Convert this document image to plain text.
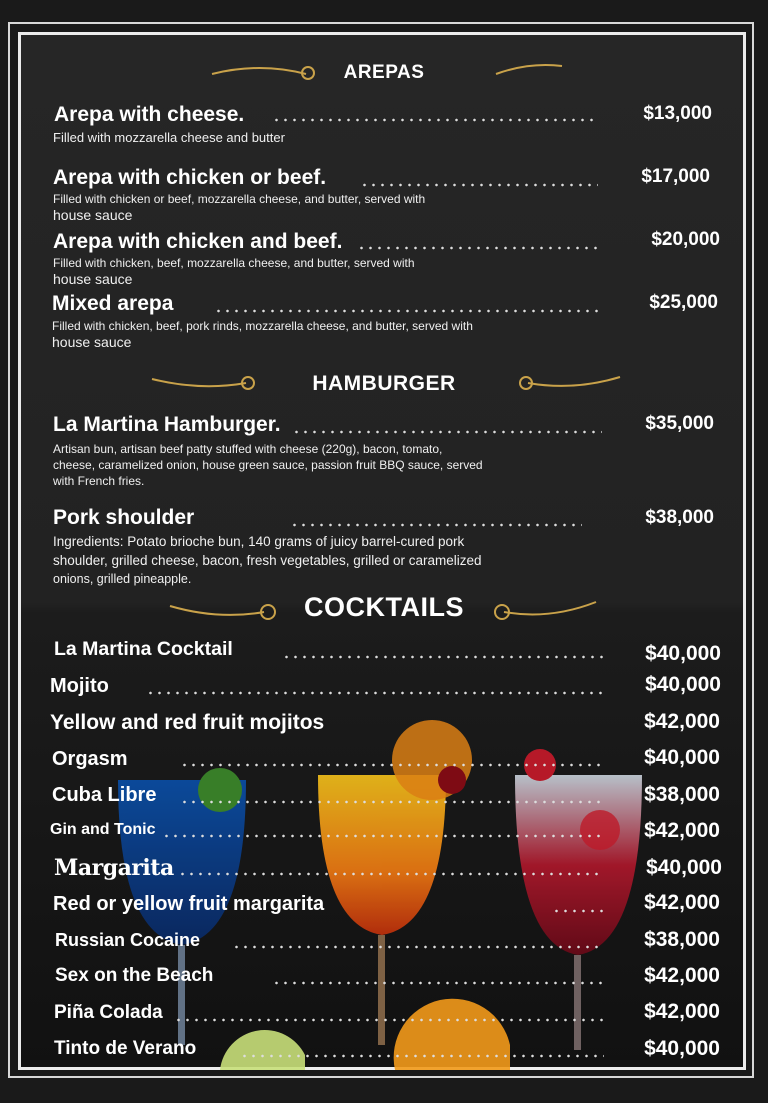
AREPAS
Arepa with cheese.	$13,000
Filled with mozzarella cheese and butter
Arepa with chicken or beef.	$17,000
Filled with chicken or beef, mozzarella cheese, and butter, served with
house sauce
Arepa with chicken and beef.	$20,000
Filled with chicken, beef, mozzarella cheese, and butter, served with
house sauce
Mixed arepa	$25,000
Filled with chicken, beef, pork rinds, mozzarella cheese, and butter, served with
house sauce
HAMBURGER
La Martina Hamburger.	$35,000
Artisan bun, artisan beef patty stuffed with cheese (220g), bacon, tomato,
cheese, caramelized onion, house green sauce, passion fruit BBQ sauce, served
with French fries.
Pork shoulder	$38,000
Ingredients: Potato brioche bun, 140 grams of juicy barrel-cured pork
shoulder, grilled cheese, bacon, fresh vegetables, grilled or caramelized
onions, grilled pineapple.
COCKTAILS
La Martina Cocktail	$40,000
Mojito	$40,000
Yellow and red fruit mojitos	$42,000
Orgasm	$40,000
Cuba Libre	$38,000
Gin and Tonic	$42,000
Margarita	$40,000
Red or yellow fruit margarita	$42,000
Russian Cocaine	$38,000
Sex on the Beach	$42,000
Piña Colada	$42,000
Tinto de Verano	$40,000
